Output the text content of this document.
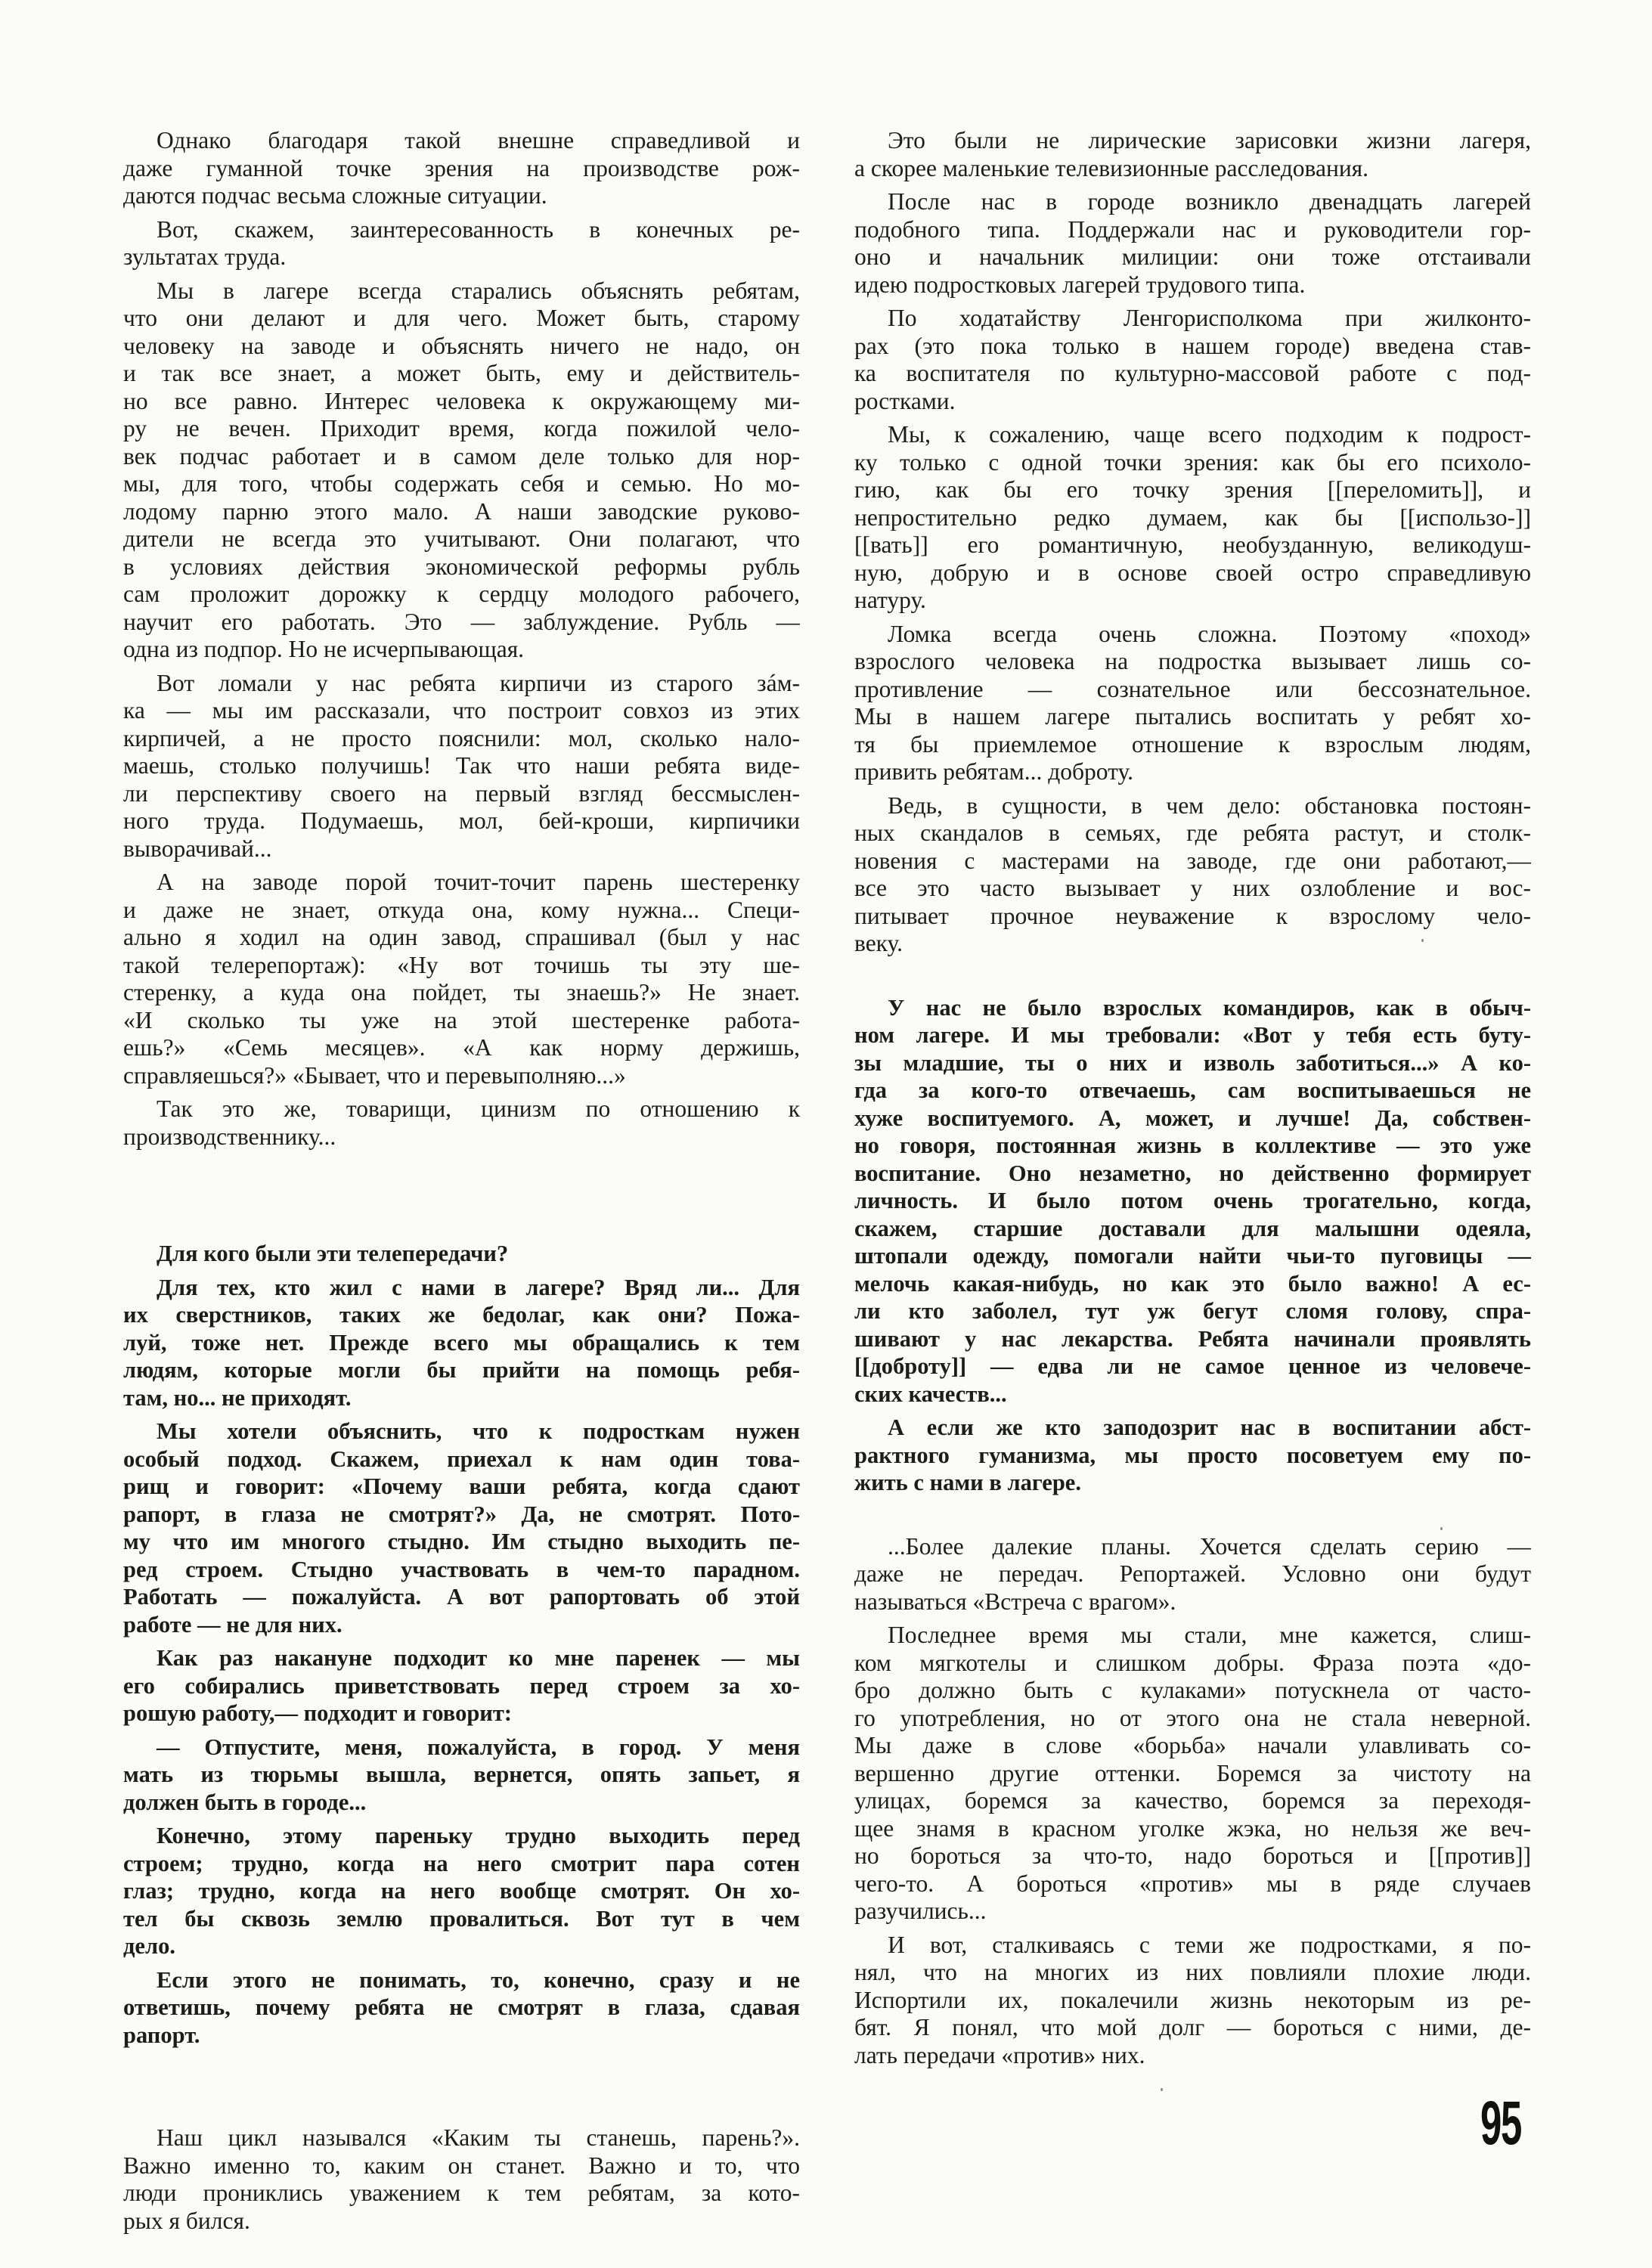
Однако благодаря такой внешне справедливой и
даже гуманной точке зрения на производстве рож-
даются подчас весьма сложные ситуации.

Вот, скажем, заинтересованность в конечных ре-
зультатах труда.

Мы в лагере всегда старались объяснять ребятам,
что они делают и для чего. Может быть, старому
человеку на заводе и объяснять ничего не надо, он
и так все знает, а может быть, ему и действитель-
но все равно. Интерес человека к окружающему ми-
ру не вечен. Приходит время, когда пожилой чело-
век подчас работает и в самом деле только для нор-
мы, для того, чтобы содержать себя и семью. Но мо-
лодому парню этого мало. А наши заводские руково-
дители не всегда это учитывают. Они полагают, что
в условиях действия экономической реформы рубль
сам проложит дорожку к сердцу молодого рабочего,
научит его работать. Это — заблуждение. Рубль —
одна из подпор. Но не исчерпывающая.

Вот ломали у нас ребята кирпичи из старого зáм-
ка — мы им рассказали, что построит совхоз из этих
кирпичей, а не просто пояснили: мол, сколько нало-
маешь, столько получишь! Так что наши ребята виде-
ли перспективу своего на первый взгляд бессмыслен-
ного труда. Подумаешь, мол, бей-кроши, кирпичики
выворачивай...

А на заводе порой точит-точит парень шестеренку
и даже не знает, откуда она, кому нужна... Специ-
ально я ходил на один завод, спрашивал (был у нас
такой телерепортаж): «Ну вот точишь ты эту ше-
стеренку, а куда она пойдет, ты знаешь?» Не знает.
«И сколько ты уже на этой шестеренке работа-
ешь?» «Семь месяцев». «А как норму держишь,
справляешься?» «Бывает, что и перевыполняю...»

Так это же, товарищи, цинизм по отношению к
производственнику...

Для кого были эти телепередачи?

Для тех, кто жил с нами в лагере? Вряд ли... Для
их сверстников, таких же бедолаг, как они? Пожа-
луй, тоже нет. Прежде всего мы обращались к тем
людям, которые могли бы прийти на помощь ребя-
там, но... не приходят.

Мы хотели объяснить, что к подросткам нужен
особый подход. Скажем, приехал к нам один това-
рищ и говорит: «Почему ваши ребята, когда сдают
рапорт, в глаза не смотрят?» Да, не смотрят. Пото-
му что им многого стыдно. Им стыдно выходить пе-
ред строем. Стыдно участвовать в чем-то парадном.
Работать — пожалуйста. А вот рапортовать об этой
работе — не для них.

Как раз накануне подходит ко мне паренек — мы
его собирались приветствовать перед строем за хо-
рошую работу,— подходит и говорит:

— Отпустите, меня, пожалуйста, в город. У меня
мать из тюрьмы вышла, вернется, опять запьет, я
должен быть в городе...

Конечно, этому пареньку трудно выходить перед
строем; трудно, когда на него смотрит пара сотен
глаз; трудно, когда на него вообще смотрят. Он хо-
тел бы сквозь землю провалиться. Вот тут в чем
дело.

Если этого не понимать, то, конечно, сразу и не
ответишь, почему ребята не смотрят в глаза, сдавая
рапорт.

Наш цикл назывался «Каким ты станешь, парень?».
Важно именно то, каким он станет. Важно и то, что
люди прониклись уважением к тем ребятам, за кото-
рых я бился.

Это были не лирические зарисовки жизни лагеря,
а скорее маленькие телевизионные расследования.

После нас в городе возникло двенадцать лагерей
подобного типа. Поддержали нас и руководители гор-
оно и начальник милиции: они тоже отстаивали
идею подростковых лагерей трудового типа.

По ходатайству Ленгорисполкома при жилконто-
рах (это пока только в нашем городе) введена став-
ка воспитателя по культурно-массовой работе с под-
ростками.

Мы, к сожалению, чаще всего подходим к подрост-
ку только с одной точки зрения: как бы его психоло-
гию, как бы его точку зрения [[переломить]], и
непростительно редко думаем, как бы [[использо-]]
[[вать]] его романтичную, необузданную, великодуш-
ную, добрую и в основе своей остро справедливую
натуру.

Ломка всегда очень сложна. Поэтому «поход»
взрослого человека на подростка вызывает лишь со-
противление — сознательное или бессознательное.
Мы в нашем лагере пытались воспитать у ребят хо-
тя бы приемлемое отношение к взрослым людям,
привить ребятам... доброту.

Ведь, в сущности, в чем дело: обстановка постоян-
ных скандалов в семьях, где ребята растут, и столк-
новения с мастерами на заводе, где они работают,—
все это часто вызывает у них озлобление и вос-
питывает прочное неуважение к взрослому чело-
веку.

У нас не было взрослых командиров, как в обыч-
ном лагере. И мы требовали: «Вот у тебя есть буту-
зы младшие, ты о них и изволь заботиться...» А ко-
гда за кого-то отвечаешь, сам воспитываешься не
хуже воспитуемого. А, может, и лучше! Да, собствен-
но говоря, постоянная жизнь в коллективе — это уже
воспитание. Оно незаметно, но действенно формирует
личность. И было потом очень трогательно, когда,
скажем, старшие доставали для малышни одеяла,
штопали одежду, помогали найти чьи-то пуговицы —
мелочь какая-нибудь, но как это было важно! А ес-
ли кто заболел, тут уж бегут сломя голову, спра-
шивают у нас лекарства. Ребята начинали проявлять
[[доброту]] — едва ли не самое ценное из человече-
ских качеств...

А если же кто заподозрит нас в воспитании абст-
рактного гуманизма, мы просто посоветуем ему по-
жить с нами в лагере.

...Более далекие планы. Хочется сделать серию —
даже не передач. Репортажей. Условно они будут
называться «Встреча с врагом».

Последнее время мы стали, мне кажется, слиш-
ком мягкотелы и слишком добры. Фраза поэта «до-
бро должно быть с кулаками» потускнела от часто-
го употребления, но от этого она не стала неверной.
Мы даже в слове «борьба» начали улавливать со-
вершенно другие оттенки. Боремся за чистоту на
улицах, боремся за качество, боремся за переходя-
щее знамя в красном уголке жэка, но нельзя же веч-
но бороться за что-то, надо бороться и [[против]]
чего-то. А бороться «против» мы в ряде случаев
разучились...

И вот, сталкиваясь с теми же подростками, я по-
нял, что на многих из них повлияли плохие люди.
Испортили их, покалечили жизнь некоторым из ре-
бят. Я понял, что мой долг — бороться с ними, де-
лать передачи «против» них.

95
